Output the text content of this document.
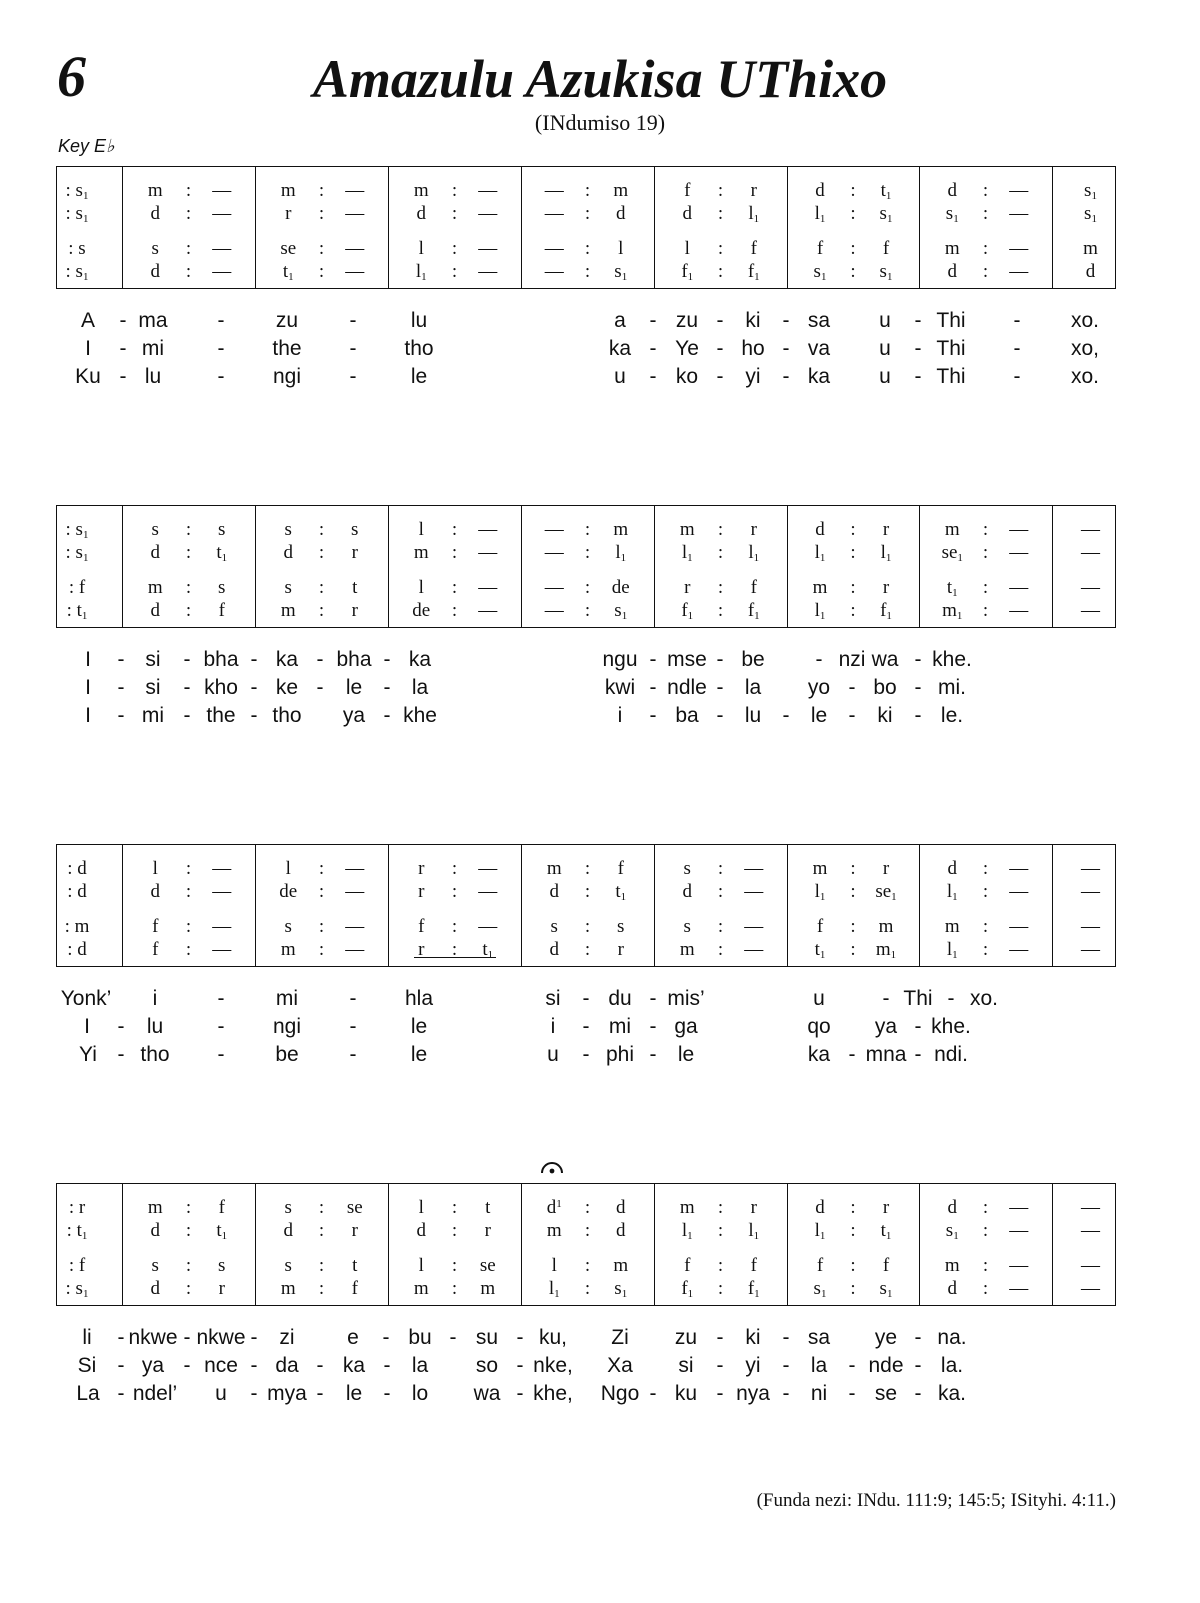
6	Amazulu Azukisa UThixo
(INdumiso 19)
Key E♭
: $s_1$	m : —	m : —	m : —	— : m	f : r	d : $t_1$	d : —	$s_1$
: $s_1$	d : —	r : —	d : —	— : d	d : $l_1$	$l_1$ : $s_1$	$s_1$ : —	$s_1$
: s	s : —	se : —	l : —	— : l	l : f	f : f	m : —	m
: $s_1$	d : —	$t_1$ : —	$l_1$ : —	— : $s_1$	$f_1$ : $f_1$	$s_1$ : $s_1$	d : —	d
A - ma - zu -	lu	a - zu - ki - sa u - Thi - xo.
I - mi	- the - tho	ka - Ye - ho - va u - Thi - xo,
Ku - lu	- ngi -	le	u - ko - yi - ka u - Thi - xo.
: $s_1$	s : s	s : s	l : —	— : m	m : r	d : r	m : —	—
: $s_1$	d : $t_1$	d : r	m : —	— : $l_1$	$l_1$ : $l_1$	$l_1$ : $l_1$	$se_1$ : —	—
: f	m : s	s : t	l : —	— : de	r : f	m : r	$t_1$ : —	—
: $t_1$	d : f	m : r	de : —	— : $s_1$	$f_1$ : $f_1$	$l_1$ : $f_1$	$m_1$ : —	—
I - si - bha - ka - bha - ka	ngu - mse - be - nzi wa - khe.
I - si - kho - ke - le - la	kwi - ndle - la yo - bo - mi.
I - mi - the - tho ya - khe	i - ba - lu - le - ki - le.
: d	l : —	l : —	r : —	m : f	s : —	m : r	d : —	—
: d	d : —	de : —	r : —	d : $t_1$	d : —	$l_1$ : $se_1$	$l_1$ : —	—
: m	f : —	s : —	f : —	s : s	s : —	f : m	m : —	—
: d	f : —	m : —	r : $t_1$	d : r	m : —	$t_1$ : $m_1$	$l_1$ : —	—
Yonk’ i	- mi - hla	si - du - mis’	u	- Thi - xo.
I - lu	- ngi -	le	i - mi - ga	qo ya - khe.
Yi - tho - be -	le	u - phi - le	ka - mna - ndi.
: r	m : f	s : se	l : t	$d^1$ : d	m : r	d : r	d : —	—
: $t_1$	d : $t_1$	d : r	d : r	m : d	$l_1$ : $l_1$	$l_1$ : $t_1$	$s_1$ : —	—
: f	s : s	s : t	l : se	l : m	f : f	f : f	m : —	—
: $s_1$	d : r	m : f	m : m	$l_1$ : $s_1$	$f_1$ : $f_1$	$s_1$ : $s_1$	d : —	—
li - nkwe - nkwe - zi	e - bu - su - ku, Zi zu - ki - sa ye - na.
Si - ya - nce - da - ka - la so - nke, Xa si - yi - la - nde - la.
La - ndel’ u - mya - le - lo wa - khe, Ngo - ku - nya - ni - se - ka.
(Funda nezi: INdu. 111:9; 145:5; ISityhi. 4:11.)
